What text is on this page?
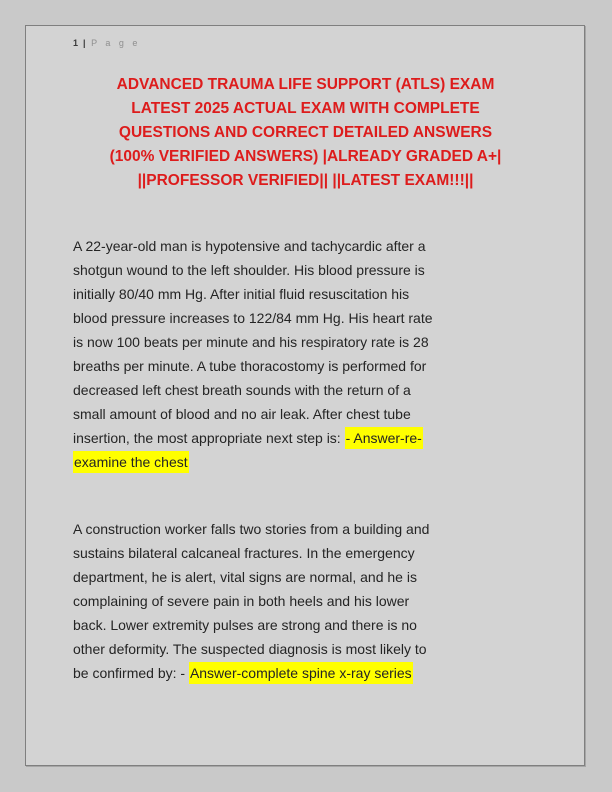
1 | P a g e
ADVANCED TRAUMA LIFE SUPPORT (ATLS) EXAM
LATEST 2025 ACTUAL EXAM WITH COMPLETE
QUESTIONS AND CORRECT DETAILED ANSWERS
(100% VERIFIED ANSWERS) |ALREADY GRADED A+|
||PROFESSOR VERIFIED|| ||LATEST EXAM!!!||
A 22-year-old man is hypotensive and tachycardic after a
shotgun wound to the left shoulder. His blood pressure is
initially 80/40 mm Hg. After initial fluid resuscitation his
blood pressure increases to 122/84 mm Hg. His heart rate
is now 100 beats per minute and his respiratory rate is 28
breaths per minute. A tube thoracostomy is performed for
decreased left chest breath sounds with the return of a
small amount of blood and no air leak. After chest tube
insertion, the most appropriate next step is: - Answer-re-
examine the chest
A construction worker falls two stories from a building and
sustains bilateral calcaneal fractures. In the emergency
department, he is alert, vital signs are normal, and he is
complaining of severe pain in both heels and his lower
back. Lower extremity pulses are strong and there is no
other deformity. The suspected diagnosis is most likely to
be confirmed by: - Answer-complete spine x-ray series
